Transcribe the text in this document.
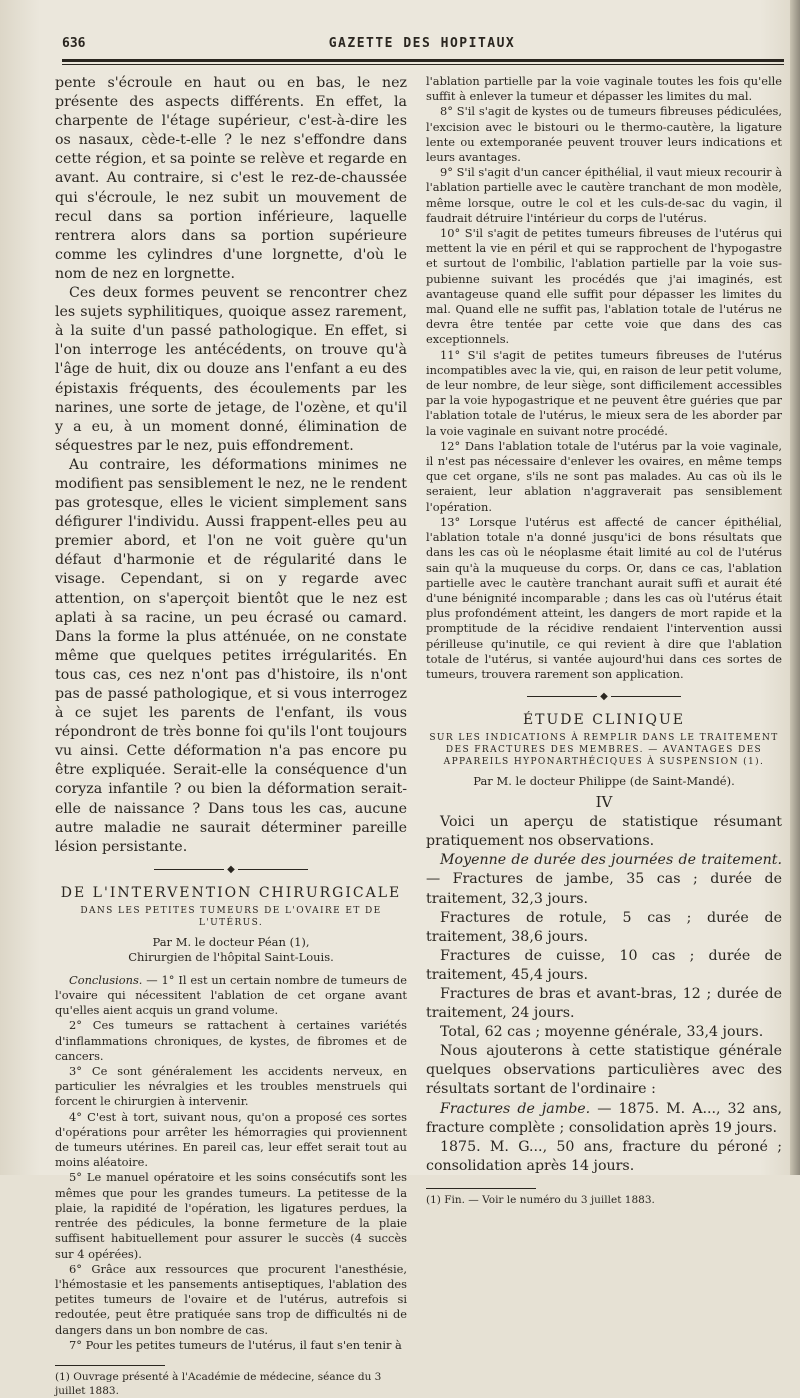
636	GAZETTE DES HOPITAUX

pente s'écroule en haut ou en bas, le nez présente des aspects différents. En effet, la charpente de l'étage supérieur, c'est-à-dire les os nasaux, cède-t-elle ? le nez s'effondre dans cette région, et sa pointe se relève et regarde en avant. Au contraire, si c'est le rez-de-chaussée qui s'écroule, le nez subit un mouvement de recul dans sa portion inférieure, laquelle rentrera alors dans sa portion supérieure comme les cylindres d'une lorgnette, d'où le nom de nez en lorgnette.

Ces deux formes peuvent se rencontrer chez les sujets syphilitiques, quoique assez rarement, à la suite d'un passé pathologique. En effet, si l'on interroge les antécédents, on trouve qu'à l'âge de huit, dix ou douze ans l'enfant a eu des épistaxis fréquents, des écoulements par les narines, une sorte de jetage, de l'ozène, et qu'il y a eu, à un moment donné, élimination de séquestres par le nez, puis effondrement.

Au contraire, les déformations minimes ne modifient pas sensiblement le nez, ne le rendent pas grotesque, elles le vicient simplement sans défigurer l'individu. Aussi frappent-elles peu au premier abord, et l'on ne voit guère qu'un défaut d'harmonie et de régularité dans le visage. Cependant, si on y regarde avec attention, on s'aperçoit bientôt que le nez est aplati à sa racine, un peu écrasé ou camard. Dans la forme la plus atténuée, on ne constate même que quelques petites irrégularités. En tous cas, ces nez n'ont pas d'histoire, ils n'ont pas de passé pathologique, et si vous interrogez à ce sujet les parents de l'enfant, ils vous répondront de très bonne foi qu'ils l'ont toujours vu ainsi. Cette déformation n'a pas encore pu être expliquée. Serait-elle la conséquence d'un coryza infantile ? ou bien la déformation serait-elle de naissance ? Dans tous les cas, aucune autre maladie ne saurait déterminer pareille lésion persistante.

◆
DE L'INTERVENTION CHIRURGICALE
DANS LES PETITES TUMEURS DE L'OVAIRE ET DE L'UTÉRUS.

Par M. le docteur Péan (1),

Chirurgien de l'hôpital Saint-Louis.

Conclusions. — 1° Il est un certain nombre de tumeurs de l'ovaire qui nécessitent l'ablation de cet organe avant qu'elles aient acquis un grand volume.

2° Ces tumeurs se rattachent à certaines variétés d'inflammations chroniques, de kystes, de fibromes et de cancers.

3° Ce sont généralement les accidents nerveux, en particulier les névralgies et les troubles menstruels qui forcent le chirurgien à intervenir.

4° C'est à tort, suivant nous, qu'on a proposé ces sortes d'opérations pour arrêter les hémorragies qui proviennent de tumeurs utérines. En pareil cas, leur effet serait tout au moins aléatoire.

5° Le manuel opératoire et les soins consécutifs sont les mêmes que pour les grandes tumeurs. La petitesse de la plaie, la rapidité de l'opération, les ligatures perdues, la rentrée des pédicules, la bonne fermeture de la plaie suffisent habituellement pour assurer le succès (4 succès sur 4 opérées).

6° Grâce aux ressources que procurent l'anesthésie, l'hémostasie et les pansements antiseptiques, l'ablation des petites tumeurs de l'ovaire et de l'utérus, autrefois si redoutée, peut être pratiquée sans trop de difficultés ni de dangers dans un bon nombre de cas.

7° Pour les petites tumeurs de l'utérus, il faut s'en tenir à

(1) Ouvrage présenté à l'Académie de médecine, séance du 3 juillet 1883.

l'ablation partielle par la voie vaginale toutes les fois qu'elle suffit à enlever la tumeur et dépasser les limites du mal.

8° S'il s'agit de kystes ou de tumeurs fibreuses pédiculées, l'excision avec le bistouri ou le thermo-cautère, la ligature lente ou extemporanée peuvent trouver leurs indications et leurs avantages.

9° S'il s'agit d'un cancer épithélial, il vaut mieux recourir à l'ablation partielle avec le cautère tranchant de mon modèle, même lorsque, outre le col et les culs-de-sac du vagin, il faudrait détruire l'intérieur du corps de l'utérus.

10° S'il s'agit de petites tumeurs fibreuses de l'utérus qui mettent la vie en péril et qui se rapprochent de l'hypogastre et surtout de l'ombilic, l'ablation partielle par la voie sus-pubienne suivant les procédés que j'ai imaginés, est avantageuse quand elle suffit pour dépasser les limites du mal. Quand elle ne suffit pas, l'ablation totale de l'utérus ne devra être tentée par cette voie que dans des cas exceptionnels.

11° S'il s'agit de petites tumeurs fibreuses de l'utérus incompatibles avec la vie, qui, en raison de leur petit volume, de leur nombre, de leur siège, sont difficilement accessibles par la voie hypogastrique et ne peuvent être guéries que par l'ablation totale de l'utérus, le mieux sera de les aborder par la voie vaginale en suivant notre procédé.

12° Dans l'ablation totale de l'utérus par la voie vaginale, il n'est pas nécessaire d'enlever les ovaires, en même temps que cet organe, s'ils ne sont pas malades. Au cas où ils le seraient, leur ablation n'aggraverait pas sensiblement l'opération.

13° Lorsque l'utérus est affecté de cancer épithélial, l'ablation totale n'a donné jusqu'ici de bons résultats que dans les cas où le néoplasme était limité au col de l'utérus sain qu'à la muqueuse du corps. Or, dans ce cas, l'ablation partielle avec le cautère tranchant aurait suffi et aurait été d'une bénignité incomparable ; dans les cas où l'utérus était plus profondément atteint, les dangers de mort rapide et la promptitude de la récidive rendaient l'intervention aussi périlleuse qu'inutile, ce qui revient à dire que l'ablation totale de l'utérus, si vantée aujourd'hui dans ces sortes de tumeurs, trouvera rarement son application.

◆
ÉTUDE CLINIQUE
SUR LES INDICATIONS À REMPLIR DANS LE TRAITEMENT DES FRACTURES DES MEMBRES. — AVANTAGES DES APPAREILS HYPONARTHÉCIQUES À SUSPENSION (1).

Par M. le docteur Philippe (de Saint-Mandé).

IV

Voici un aperçu de statistique résumant pratiquement nos observations.

Moyenne de durée des journées de traitement. — Fractures de jambe, 35 cas ; durée de traitement, 32,3 jours.

Fractures de rotule, 5 cas ; durée de traitement, 38,6 jours.

Fractures de cuisse, 10 cas ; durée de traitement, 45,4 jours.

Fractures de bras et avant-bras, 12 ; durée de traitement, 24 jours.

Total, 62 cas ; moyenne générale, 33,4 jours.

Nous ajouterons à cette statistique générale quelques observations particulières avec des résultats sortant de l'ordinaire :

Fractures de jambe. — 1875. M. A..., 32 ans, fracture complète ; consolidation après 19 jours.

1875. M. G..., 50 ans, fracture du péroné ; consolidation après 14 jours.

(1) Fin. — Voir le numéro du 3 juillet 1883.
